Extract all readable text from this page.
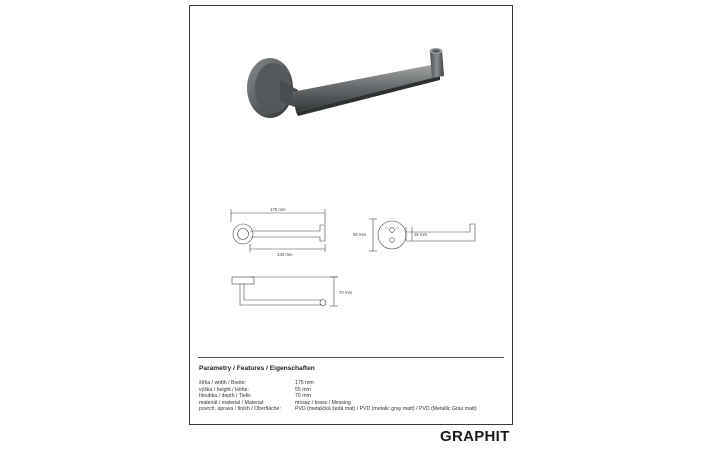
175 mm
130 mm
55 mm	25 mm
70 mm
Parametry / Features / Eigenschaften
šířka / width / Breite:	175 mm
výška / height / Höhe:	55 mm
hloubka / depth / Tiefe:	70 mm
materiál / material / Material:	mosaz / brass / Messing
povrch. úprava / finish / Oberfläche:	PVD (metalická šedá mat) / PVD (metalic gray matt) / PVD (Metallic Grau matt)
GRAPHIT
